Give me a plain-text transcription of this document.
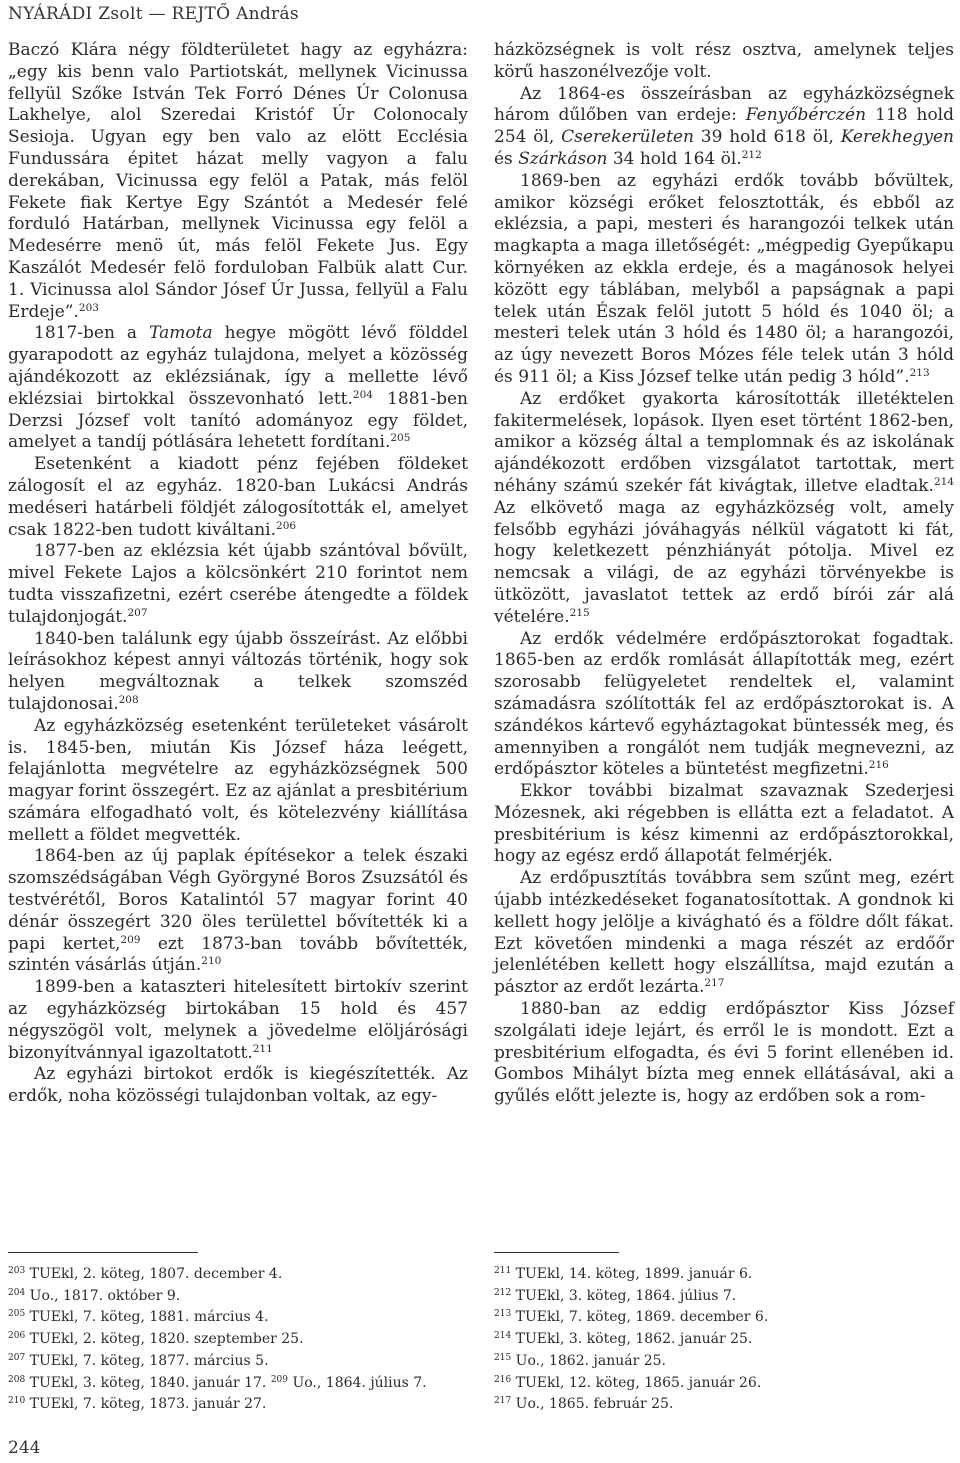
NYÁRÁDI Zsolt — REJTŐ András

Baczó Klára négy földterületet hagy az egyházra: „egy kis benn valo Partiotskát, mellynek Vicinussa fellyül Szőke István Tek Forró Dénes Úr Colonusa Lakhelye, alol Szeredai Kristóf Úr Colonocaly Sesioja. Ugyan egy ben valo az elött Ecclésia Fundussára épitet házat melly vagyon a falu derekában, Vicinussa egy felöl a Patak, más felöl Fekete fiak Kertye Egy Szántót a Medesér felé forduló Határban, mellynek Vicinussa egy felöl a Medesérre menö út, más felöl Fekete Jus. Egy Kaszálót Medesér felö forduloban Falbük alatt Cur. 1. Vicinussa alol Sándor Jósef Úr Jussa, fellyül a Falu Erdeje”.$^{203}$

1817-ben a Tamota hegye mögött lévő földdel gyarapodott az egyház tulajdona, melyet a közösség ajándékozott az eklézsiának, így a mellette lévő eklézsiai birtokkal összevonható lett.$^{204}$ 1881-ben Derzsi József volt tanító adományoz egy földet, amelyet a tandíj pótlására lehetett fordítani.$^{205}$

Esetenként a kiadott pénz fejében földeket zálogosít el az egyház. 1820-ban Lukácsi András medéseri határbeli földjét zálogosították el, amelyet csak 1822-ben tudott kiváltani.$^{206}$

1877-ben az eklézsia két újabb szántóval bővült, mivel Fekete Lajos a kölcsönkért 210 forintot nem tudta visszafizetni, ezért cserébe átengedte a földek tulajdonjogát.$^{207}$

1840-ben találunk egy újabb összeírást. Az előbbi leírásokhoz képest annyi változás történik, hogy sok helyen megváltoznak a telkek szomszéd tulajdonosai.$^{208}$

Az egyházközség esetenként területeket vásárolt is. 1845-ben, miután Kis József háza leégett, felajánlotta megvételre az egyházközségnek 500 magyar forint összegért. Ez az ajánlat a presbitérium számára elfogadható volt, és kötelezvény kiállítása mellett a földet megvették.

1864-ben az új paplak építésekor a telek északi szomszédságában Végh Györgyné Boros Zsuzsától és testvérétől, Boros Katalintól 57 magyar forint 40 dénár összegért 320 öles területtel bővítették ki a papi kertet,$^{209}$ ezt 1873-ban tovább bővítették, szintén vásárlás útján.$^{210}$

1899-ben a kataszteri hitelesített birtokív szerint az egyházközség birtokában 15 hold és 457 négyszögöl volt, melynek a jövedelme elöljárósági bizonyítvánnyal igazoltatott.$^{211}$

Az egyházi birtokot erdők is kiegészítették. Az erdők, noha közösségi tulajdonban voltak, az egy-

házközségnek is volt rész osztva, amelynek teljes körű haszonélvezője volt.

Az 1864-es összeírásban az egyházközségnek három dűlőben van erdeje: Fenyőbérczén 118 hold 254 öl, Cserekerületen 39 hold 618 öl, Kerekhegyen és Szárkáson 34 hold 164 öl.$^{212}$

1869-ben az egyházi erdők tovább bővültek, amikor községi erőket felosztották, és ebből az eklézsia, a papi, mesteri és harangozói telkek után magkapta a maga illetőségét: „mégpedig Gyepűkapu környéken az ekkla erdeje, és a magánosok helyei között egy táblában, melyből a papságnak a papi telek után Észak felöl jutott 5 hóld és 1040 öl; a mesteri telek után 3 hóld és 1480 öl; a harangozói, az úgy nevezett Boros Mózes féle telek után 3 hóld és 911 öl; a Kiss József telke után pedig 3 hóld”.$^{213}$

Az erdőket gyakorta károsították illetéktelen fakitermelések, lopások. Ilyen eset történt 1862-ben, amikor a község által a templomnak és az iskolának ajándékozott erdőben vizsgálatot tartottak, mert néhány számú szekér fát kivágtak, illetve eladtak.$^{214}$ Az elkövető maga az egyházközség volt, amely felsőbb egyházi jóváhagyás nélkül vágatott ki fát, hogy keletkezett pénzhiányát pótolja. Mivel ez nemcsak a világi, de az egyházi törvényekbe is ütközött, javaslatot tettek az erdő bírói zár alá vételére.$^{215}$

Az erdők védelmére erdőpásztorokat fogadtak. 1865-ben az erdők romlását állapították meg, ezért szorosabb felügyeletet rendeltek el, valamint számadásra szólították fel az erdőpásztorokat is. A szándékos kártevő egyháztagokat büntessék meg, és amennyiben a rongálót nem tudják megnevezni, az erdőpásztor köteles a büntetést megfizetni.$^{216}$

Ekkor további bizalmat szavaznak Szederjesi Mózesnek, aki régebben is ellátta ezt a feladatot. A presbitérium is kész kimenni az erdőpásztorokkal, hogy az egész erdő állapotát felmérjék.

Az erdőpusztítás továbbra sem szűnt meg, ezért újabb intézkedéseket foganatosítottak. A gondnok ki kellett hogy jelölje a kivágható és a földre dőlt fákat. Ezt követően mindenki a maga részét az erdőőr jelenlétében kellett hogy elszállítsa, majd ezután a pásztor az erdőt lezárta.$^{217}$

1880-ban az eddig erdőpásztor Kiss József szolgálati ideje lejárt, és erről le is mondott. Ezt a presbitérium elfogadta, és évi 5 forint ellenében id. Gombos Mihályt bízta meg ennek ellátásával, aki a gyűlés előtt jelezte is, hogy az erdőben sok a rom-

$^{203}$ TUEkl, 2. köteg, 1807. december 4.
$^{204}$ Uo., 1817. október 9.
$^{205}$ TUEkl, 7. köteg, 1881. március 4.
$^{206}$ TUEkl, 2. köteg, 1820. szeptember 25.
$^{207}$ TUEkl, 7. köteg, 1877. március 5.
$^{208}$ TUEkl, 3. köteg, 1840. január 17. $^{209}$ Uo., 1864. július 7.
$^{210}$ TUEkl, 7. köteg, 1873. január 27.
$^{211}$ TUEkl, 14. köteg, 1899. január 6.
$^{212}$ TUEkl, 3. köteg, 1864. július 7.
$^{213}$ TUEkl, 7. köteg, 1869. december 6.
$^{214}$ TUEkl, 3. köteg, 1862. január 25.
$^{215}$ Uo., 1862. január 25.
$^{216}$ TUEkl, 12. köteg, 1865. január 26.
$^{217}$ Uo., 1865. február 25.
244
